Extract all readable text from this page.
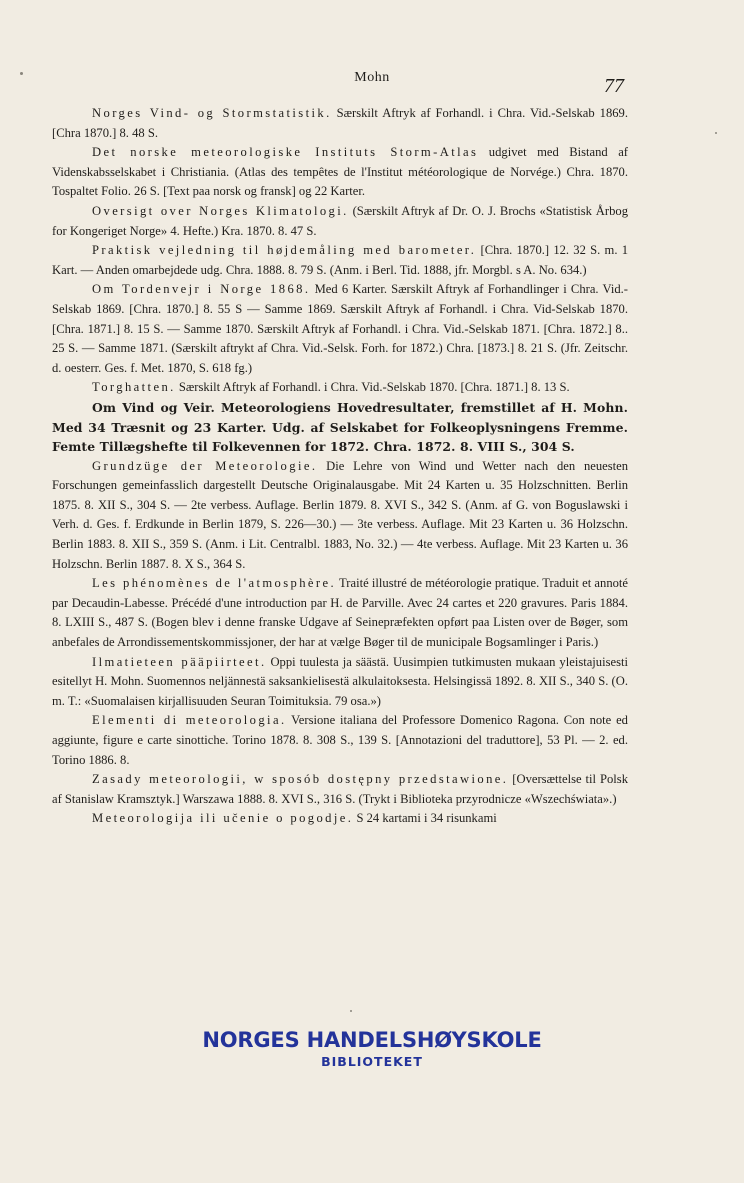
Mohn	77

Norges Vind- og Stormstatistik. Særskilt Aftryk af Forhandl. i Chra. Vid.-Selskab 1869. [Chra 1870.] 8. 48 S.

Det norske meteorologiske Instituts Storm-Atlas udgivet med Bistand af Videnskabsselskabet i Christiania. (Atlas des tempêtes de l'Institut météorologique de Norvége.) Chra. 1870. Tospaltet Folio. 26 S. [Text paa norsk og fransk] og 22 Karter.

Oversigt over Norges Klimatologi. (Særskilt Aftryk af Dr. O. J. Brochs «Statistisk Årbog for Kongeriget Norge» 4. Hefte.) Kra. 1870. 8. 47 S.

Praktisk vejledning til højdemåling med barometer. [Chra. 1870.] 12. 32 S. m. 1 Kart. — Anden omarbejdede udg. Chra. 1888. 8. 79 S. (Anm. i Berl. Tid. 1888, jfr. Morgbl. s A. No. 634.)

Om Tordenvejr i Norge 1868. Med 6 Karter. Særskilt Aftryk af Forhandlinger i Chra. Vid.-Selskab 1869. [Chra. 1870.] 8. 55 S — Samme 1869. Særskilt Aftryk af Forhandl. i Chra. Vid-Selskab 1870. [Chra. 1871.] 8. 15 S. — Samme 1870. Særskilt Aftryk af Forhandl. i Chra. Vid.-Selskab 1871. [Chra. 1872.] 8.. 25 S. — Samme 1871. (Særskilt aftrykt af Chra. Vid.-Selsk. Forh. for 1872.) Chra. [1873.] 8. 21 S. (Jfr. Zeitschr. d. oesterr. Ges. f. Met. 1870, S. 618 fg.)

Torghatten. Særskilt Aftryk af Forhandl. i Chra. Vid.-Selskab 1870. [Chra. 1871.] 8. 13 S.

Om Vind og Veir. Meteorologiens Hovedresultater, fremstillet af H. Mohn. Med 34 Træsnit og 23 Karter. Udg. af Selskabet for Folkeoplysningens Fremme. Femte Tillægshefte til Folkevennen for 1872. Chra. 1872. 8. VIII S., 304 S.

Grundzüge der Meteorologie. Die Lehre von Wind und Wetter nach den neuesten Forschungen gemeinfasslich dargestellt Deutsche Originalausgabe. Mit 24 Karten u. 35 Holzschnitten. Berlin 1875. 8. XII S., 304 S. — 2te verbess. Auflage. Berlin 1879. 8. XVI S., 342 S. (Anm. af G. von Boguslawski i Verh. d. Ges. f. Erdkunde in Berlin 1879, S. 226—30.) — 3te verbess. Auflage. Mit 23 Karten u. 36 Holzschn. Berlin 1883. 8. XII S., 359 S. (Anm. i Lit. Centralbl. 1883, No. 32.) — 4te verbess. Auflage. Mit 23 Karten u. 36 Holzschn. Berlin 1887. 8. X S., 364 S.

Les phénomènes de l'atmosphère. Traité illustré de météorologie pratique. Traduit et annoté par Decaudin-Labesse. Précédé d'une introduction par H. de Parville. Avec 24 cartes et 220 gravures. Paris 1884. 8. LXIII S., 487 S. (Bogen blev i denne franske Udgave af Seinepræfekten opført paa Listen over de Bøger, som anbefales de Arrondissementskommissjoner, der har at vælge Bøger til de municipale Bogsamlinger i Paris.)

Ilmatieteen pääpiirteet. Oppi tuulesta ja säästä. Uusimpien tutkimusten mukaan yleistajuisesti esitellyt H. Mohn. Suomennos neljännestä saksankielisestä alkulaitoksesta. Helsingissä 1892. 8. XII S., 340 S. (O. m. T.: «Suomalaisen kirjallisuuden Seuran Toimituksia. 79 osa.»)

Elementi di meteorologia. Versione italiana del Professore Domenico Ragona. Con note ed aggiunte, figure e carte sinottiche. Torino 1878. 8. 308 S., 139 S. [Annotazioni del traduttore], 53 Pl. — 2. ed. Torino 1886. 8.

Zasady meteorologii, w sposób dostępny przedstawione. [Oversættelse til Polsk af Stanislaw Kramsztyk.] Warszawa 1888. 8. XVI S., 316 S. (Trykt i Biblioteka przyrodnicze «Wszechświata».)

Meteorologija ili učenie o pogodje. S 24 kartami i 34 risunkami

NORGES HANDELSHØYSKOLE
BIBLIOTEKET
